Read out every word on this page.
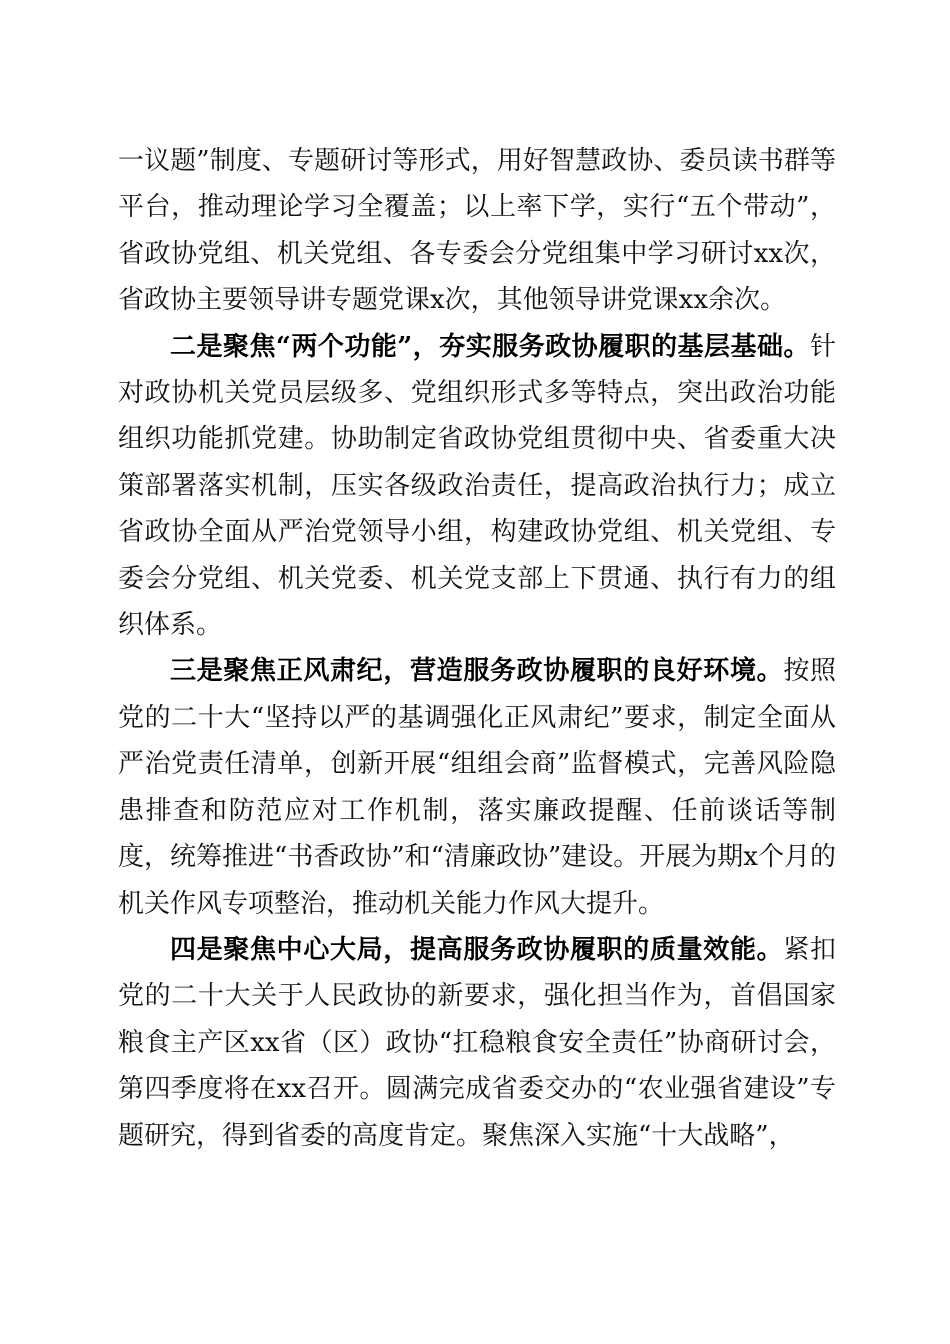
一议题”制度、专题研讨等形式，用好智慧政协、委员读书群等平台，推动理论学习全覆盖；以上率下学，实行“五个带动”，省政协党组、机关党组、各专委会分党组集中学习研讨xx次，省政协主要领导讲专题党课x次，其他领导讲党课xx余次。

二是聚焦“两个功能”，夯实服务政协履职的基层基础。针对政协机关党员层级多、党组织形式多等特点，突出政治功能组织功能抓党建。协助制定省政协党组贯彻中央、省委重大决策部署落实机制，压实各级政治责任，提高政治执行力；成立省政协全面从严治党领导小组，构建政协党组、机关党组、专委会分党组、机关党委、机关党支部上下贯通、执行有力的组织体系。

三是聚焦正风肃纪，营造服务政协履职的良好环境。按照党的二十大“坚持以严的基调强化正风肃纪”要求，制定全面从严治党责任清单，创新开展“组组会商”监督模式，完善风险隐患排查和防范应对工作机制，落实廉政提醒、任前谈话等制度，统筹推进“书香政协”和“清廉政协”建设。开展为期x个月的机关作风专项整治，推动机关能力作风大提升。

四是聚焦中心大局，提高服务政协履职的质量效能。紧扣党的二十大关于人民政协的新要求，强化担当作为，首倡国家粮食主产区xx省（区）政协“扛稳粮食安全责任”协商研讨会，第四季度将在xx召开。圆满完成省委交办的“农业强省建设”专题研究，得到省委的高度肯定。聚焦深入实施“十大战略”，
